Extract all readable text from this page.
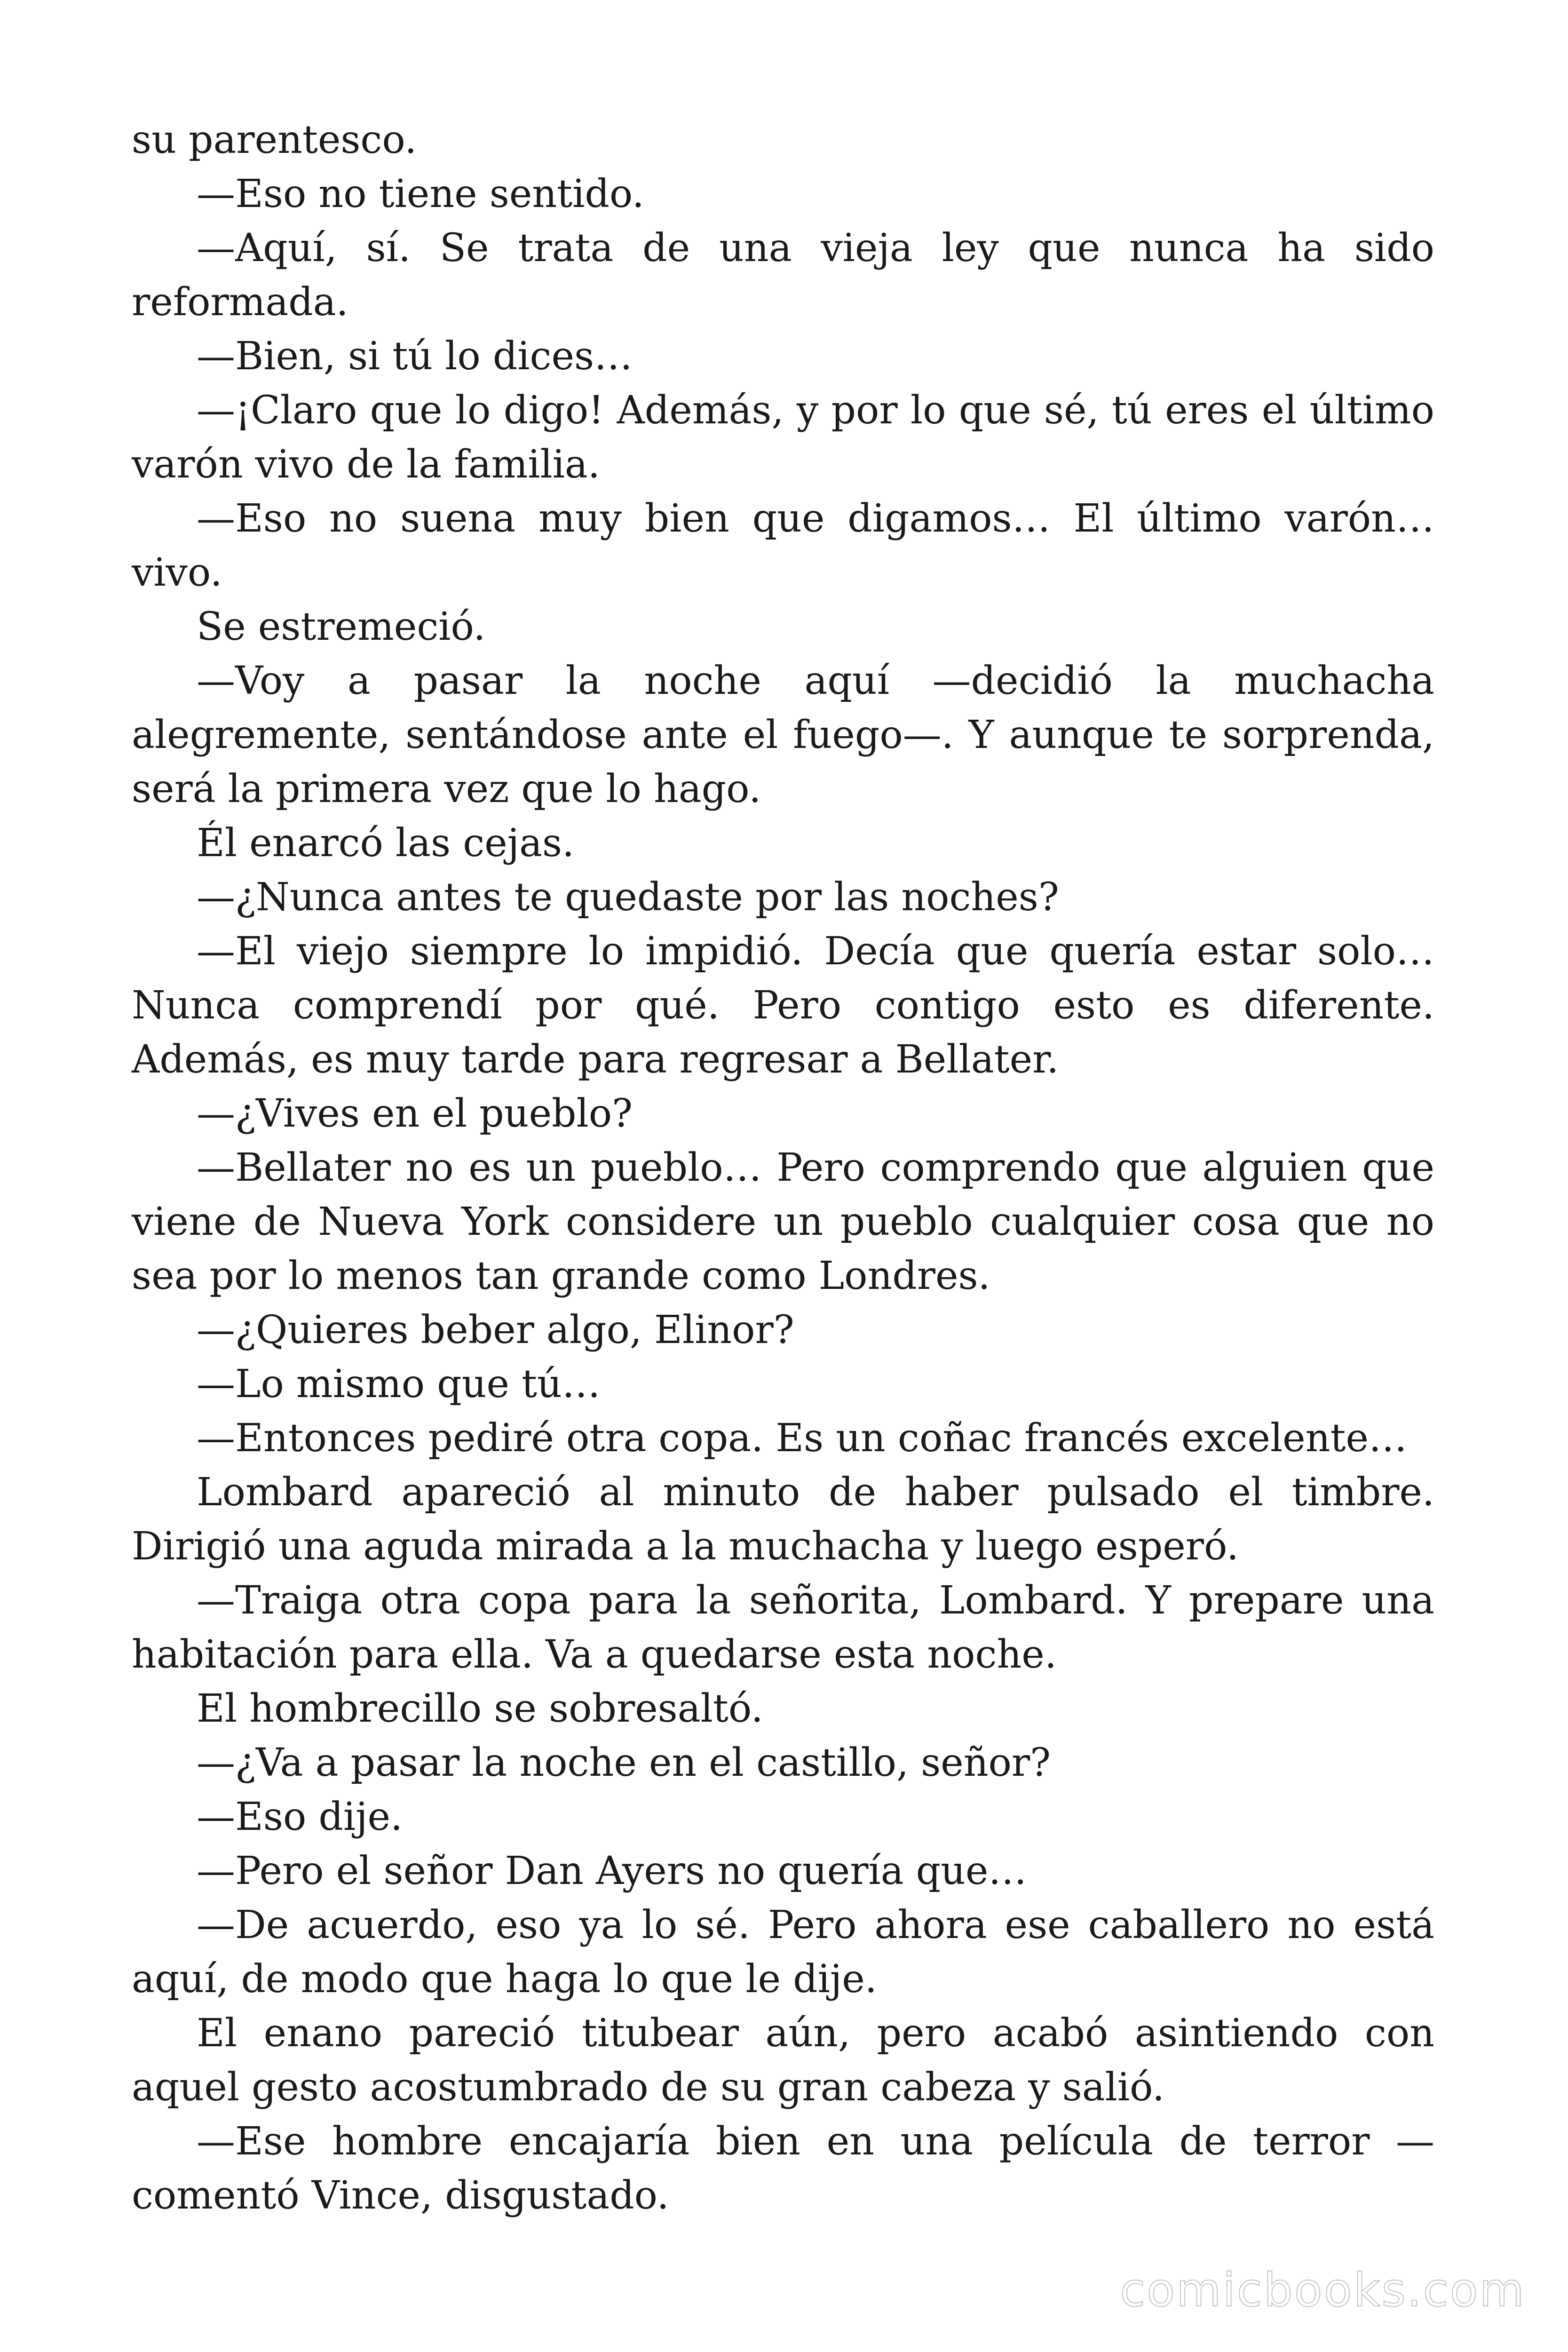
su parentesco.

—Eso no tiene sentido.

—Aquí, sí. Se trata de una vieja ley que nunca ha sido reformada.

—Bien, si tú lo dices…

—¡Claro que lo digo! Además, y por lo que sé, tú eres el último varón vivo de la familia.

—Eso no suena muy bien que digamos… El último varón… vivo.

Se estremeció.

—Voy a pasar la noche aquí —decidió la muchacha alegremente, sentándose ante el fuego—. Y aunque te sorprenda, será la primera vez que lo hago.

Él enarcó las cejas.

—¿Nunca antes te quedaste por las noches?

—El viejo siempre lo impidió. Decía que quería estar solo… Nunca comprendí por qué. Pero contigo esto es diferente. Además, es muy tarde para regresar a Bellater.

—¿Vives en el pueblo?

—Bellater no es un pueblo… Pero comprendo que alguien que viene de Nueva York considere un pueblo cualquier cosa que no sea por lo menos tan grande como Londres.

—¿Quieres beber algo, Elinor?

—Lo mismo que tú…

—Entonces pediré otra copa. Es un coñac francés excelente…

Lombard apareció al minuto de haber pulsado el timbre. Dirigió una aguda mirada a la muchacha y luego esperó.

—Traiga otra copa para la señorita, Lombard. Y prepare una habitación para ella. Va a quedarse esta noche.

El hombrecillo se sobresaltó.

—¿Va a pasar la noche en el castillo, señor?

—Eso dije.

—Pero el señor Dan Ayers no quería que…

—De acuerdo, eso ya lo sé. Pero ahora ese caballero no está aquí, de modo que haga lo que le dije.

El enano pareció titubear aún, pero acabó asintiendo con aquel gesto acostumbrado de su gran cabeza y salió.

—Ese hombre encajaría bien en una película de terror —comentó Vince, disgustado.

comicbooks.com
